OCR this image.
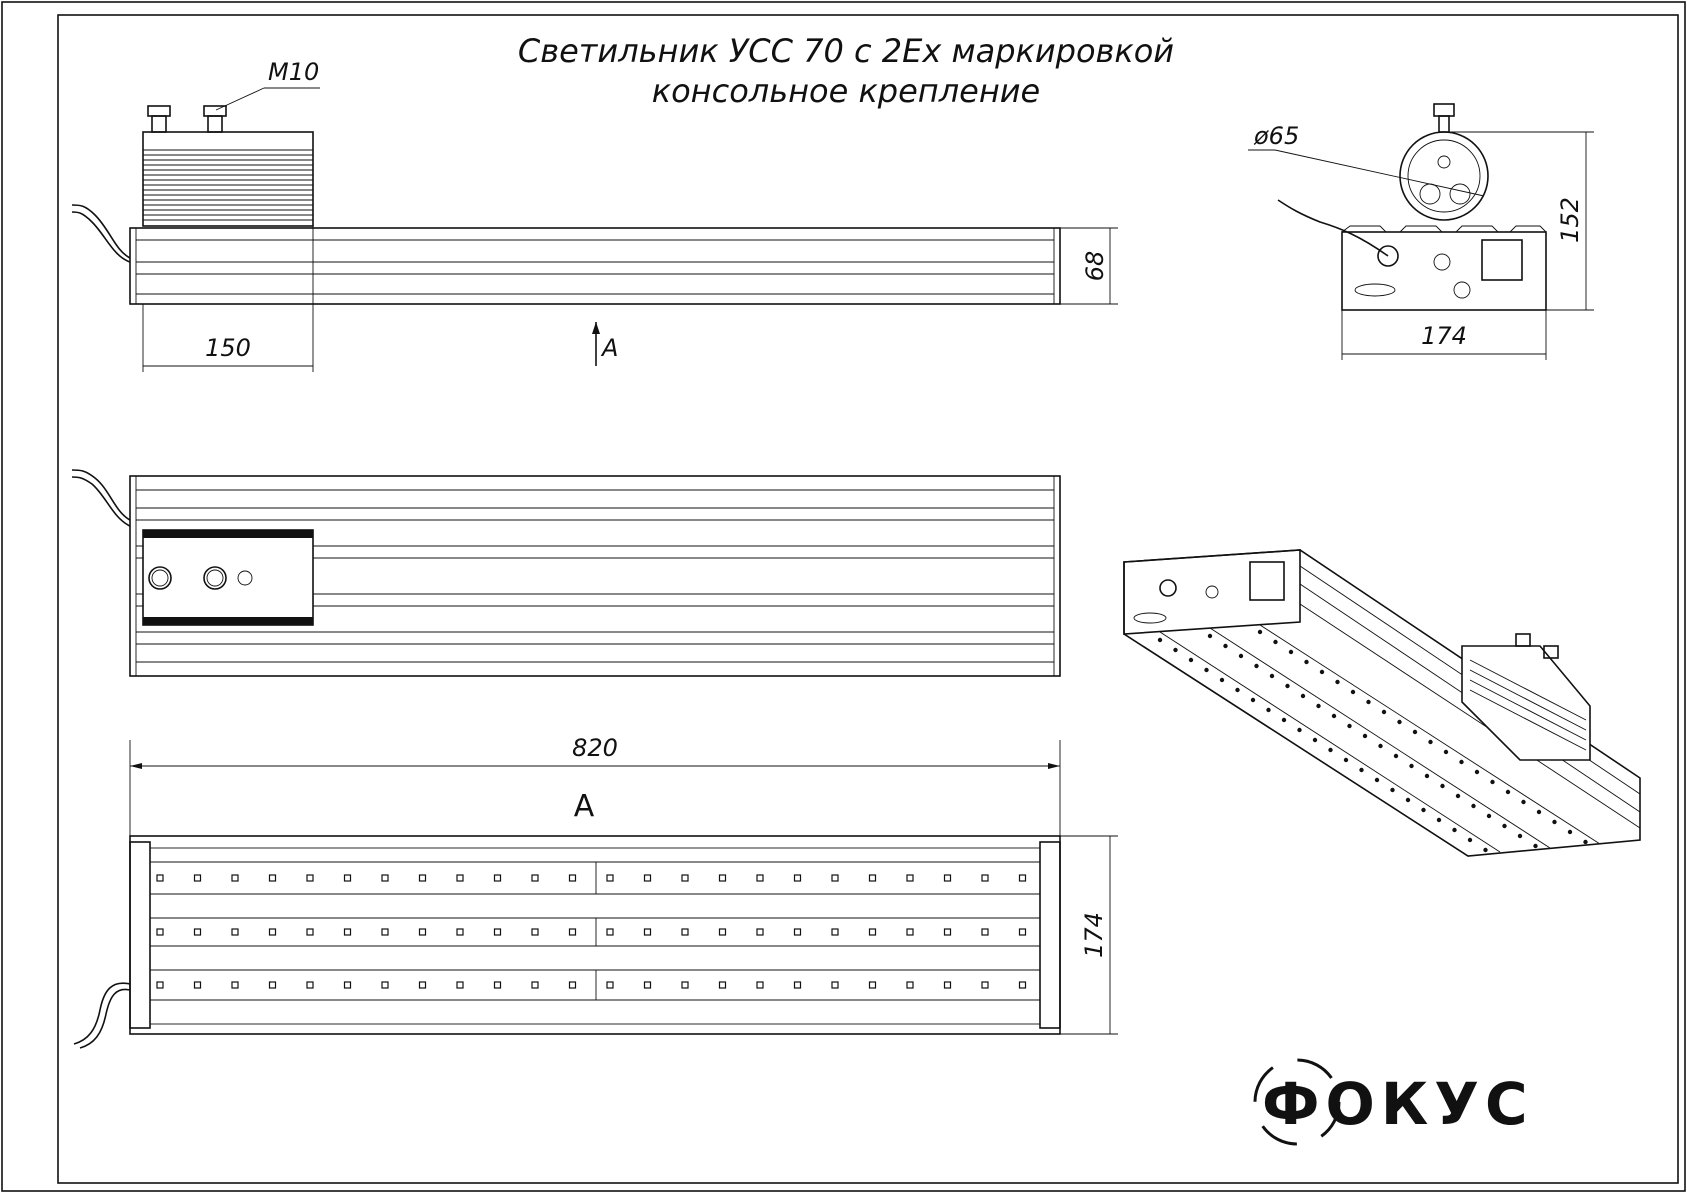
Светильник УСС 70 с 2Ех маркировкой
консольное крепление
M10
68
150	A
820
A
174
ø65
152
174
ФОКУС
